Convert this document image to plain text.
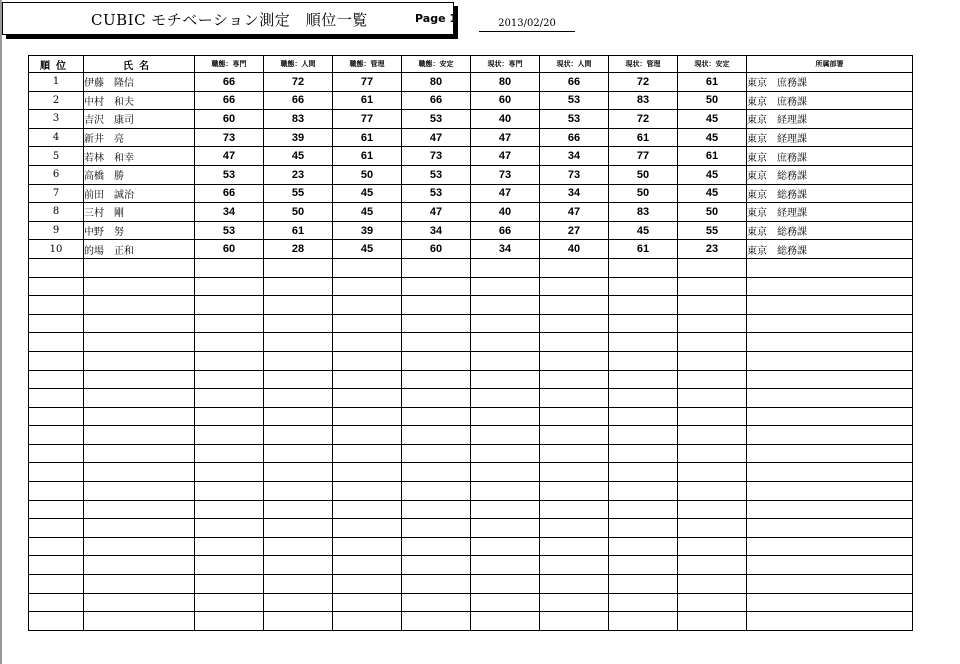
CUBIC モチベーション測定　順位一覧	Page 1	2013/02/20
順位	氏名	職態：専門	職態：人間	職態：管理	職態：安定	現状：専門	現状：人間	現状：管理	現状：安定	所属部署
1	伊藤 隆信	66	72	77	80	80	66	72	61	東京 庶務課
2	中村 和夫	66	66	61	66	60	53	83	50	東京 庶務課
3	吉沢 康司	60	83	77	53	40	53	72	45	東京 経理課
4	新井 亮	73	39	61	47	47	66	61	45	東京 経理課
5	若林 和幸	47	45	61	73	47	34	77	61	東京 庶務課
6	高橋 勝	53	23	50	53	73	73	50	45	東京 総務課
7	前田 誠治	66	55	45	53	47	34	50	45	東京 総務課
8	三村 剛	34	50	45	47	40	47	83	50	東京 経理課
9	中野 努	53	61	39	34	66	27	45	55	東京 総務課
10	的場 正和	60	28	45	60	34	40	61	23	東京 総務課
